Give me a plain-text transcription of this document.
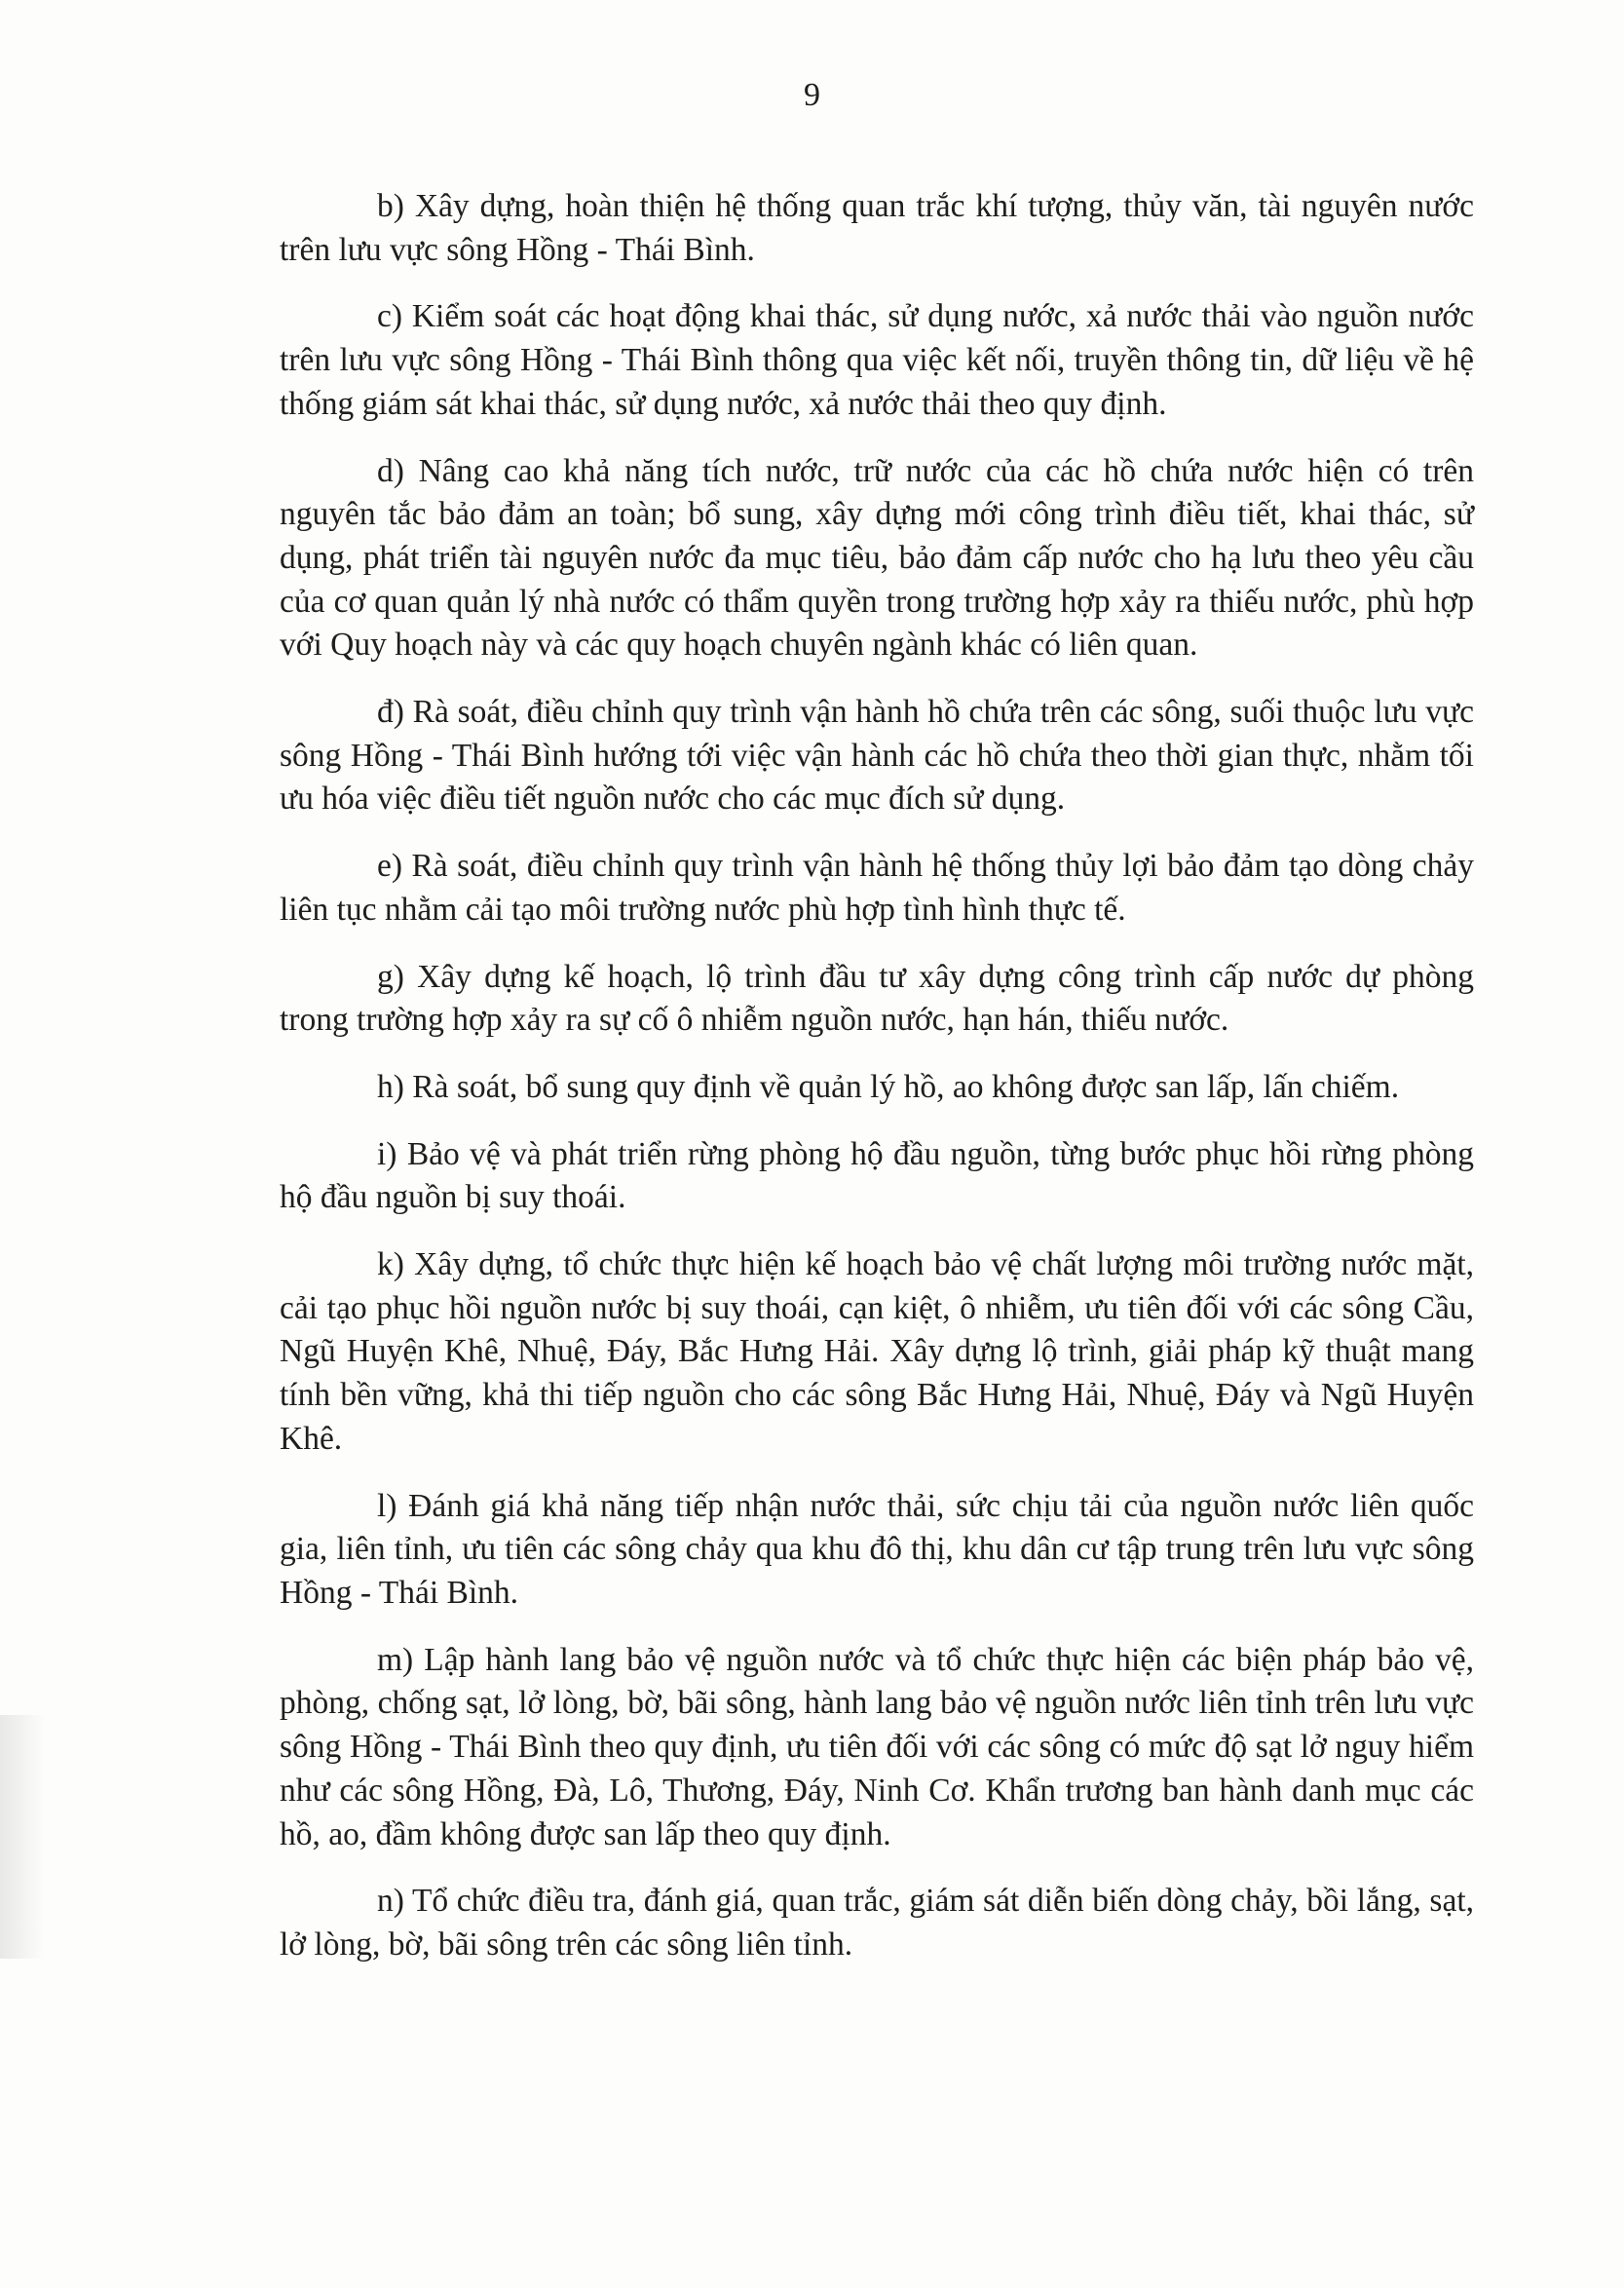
9

b) Xây dựng, hoàn thiện hệ thống quan trắc khí tượng, thủy văn, tài nguyên nước trên lưu vực sông Hồng - Thái Bình.

c) Kiểm soát các hoạt động khai thác, sử dụng nước, xả nước thải vào nguồn nước trên lưu vực sông Hồng - Thái Bình thông qua việc kết nối, truyền thông tin, dữ liệu về hệ thống giám sát khai thác, sử dụng nước, xả nước thải theo quy định.

d) Nâng cao khả năng tích nước, trữ nước của các hồ chứa nước hiện có trên nguyên tắc bảo đảm an toàn; bổ sung, xây dựng mới công trình điều tiết, khai thác, sử dụng, phát triển tài nguyên nước đa mục tiêu, bảo đảm cấp nước cho hạ lưu theo yêu cầu của cơ quan quản lý nhà nước có thẩm quyền trong trường hợp xảy ra thiếu nước, phù hợp với Quy hoạch này và các quy hoạch chuyên ngành khác có liên quan.

đ) Rà soát, điều chỉnh quy trình vận hành hồ chứa trên các sông, suối thuộc lưu vực sông Hồng - Thái Bình hướng tới việc vận hành các hồ chứa theo thời gian thực, nhằm tối ưu hóa việc điều tiết nguồn nước cho các mục đích sử dụng.

e) Rà soát, điều chỉnh quy trình vận hành hệ thống thủy lợi bảo đảm tạo dòng chảy liên tục nhằm cải tạo môi trường nước phù hợp tình hình thực tế.

g) Xây dựng kế hoạch, lộ trình đầu tư xây dựng công trình cấp nước dự phòng trong trường hợp xảy ra sự cố ô nhiễm nguồn nước, hạn hán, thiếu nước.

h) Rà soát, bổ sung quy định về quản lý hồ, ao không được san lấp, lấn chiếm.

i) Bảo vệ và phát triển rừng phòng hộ đầu nguồn, từng bước phục hồi rừng phòng hộ đầu nguồn bị suy thoái.

k) Xây dựng, tổ chức thực hiện kế hoạch bảo vệ chất lượng môi trường nước mặt, cải tạo phục hồi nguồn nước bị suy thoái, cạn kiệt, ô nhiễm, ưu tiên đối với các sông Cầu, Ngũ Huyện Khê, Nhuệ, Đáy, Bắc Hưng Hải. Xây dựng lộ trình, giải pháp kỹ thuật mang tính bền vững, khả thi tiếp nguồn cho các sông Bắc Hưng Hải, Nhuệ, Đáy và Ngũ Huyện Khê.

l) Đánh giá khả năng tiếp nhận nước thải, sức chịu tải của nguồn nước liên quốc gia, liên tỉnh, ưu tiên các sông chảy qua khu đô thị, khu dân cư tập trung trên lưu vực sông Hồng - Thái Bình.

m) Lập hành lang bảo vệ nguồn nước và tổ chức thực hiện các biện pháp bảo vệ, phòng, chống sạt, lở lòng, bờ, bãi sông, hành lang bảo vệ nguồn nước liên tỉnh trên lưu vực sông Hồng - Thái Bình theo quy định, ưu tiên đối với các sông có mức độ sạt lở nguy hiểm như các sông Hồng, Đà, Lô, Thương, Đáy, Ninh Cơ. Khẩn trương ban hành danh mục các hồ, ao, đầm không được san lấp theo quy định.

n) Tổ chức điều tra, đánh giá, quan trắc, giám sát diễn biến dòng chảy, bồi lắng, sạt, lở lòng, bờ, bãi sông trên các sông liên tỉnh.
